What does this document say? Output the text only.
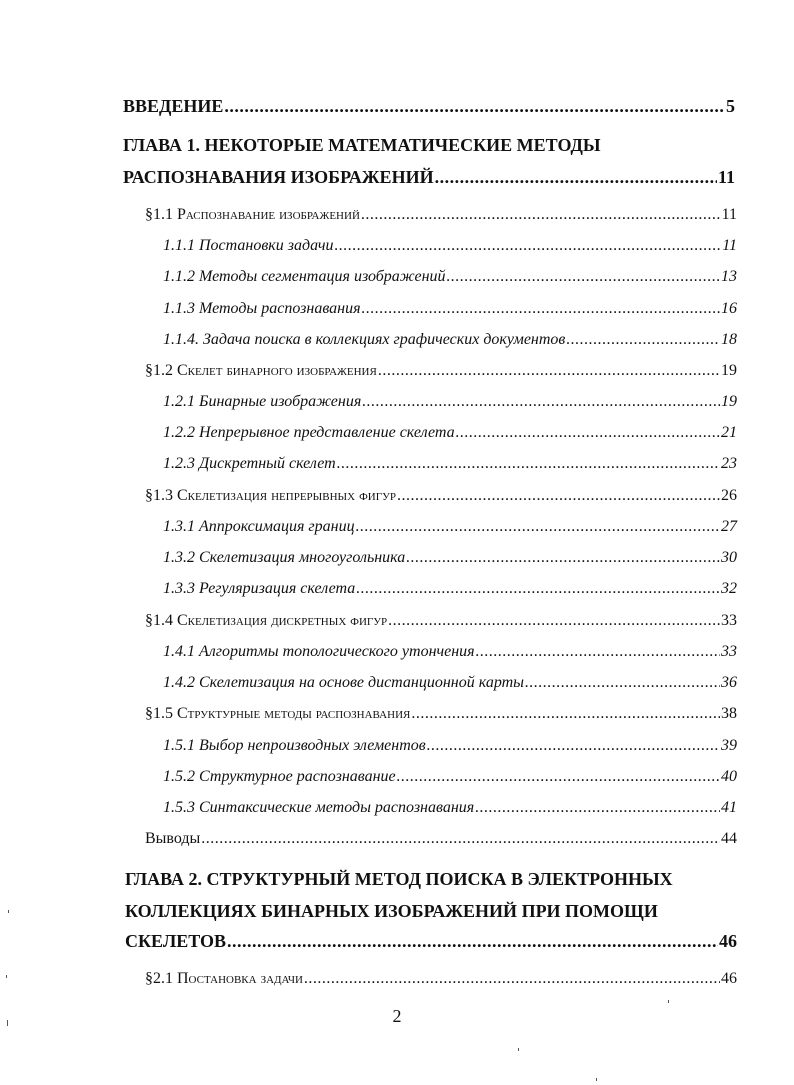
ВВЕДЕНИЕ .....	5
ГЛАВА 1. НЕКОТОРЫЕ МАТЕМАТИЧЕСКИЕ МЕТОДЫ
РАСПОЗНАВАНИЯ ИЗОБРАЖЕНИЙ .....	11
§1.1 Распознавание изображений .....	11
1.1.1 Постановки задачи .....	11
1.1.2 Методы сегментация изображений .....	13
1.1.3 Методы распознавания .....	16
1.1.4. Задача поиска в коллекциях графических документов .....	18
§1.2 Скелет бинарного изображения .....	19
1.2.1 Бинарные изображения .....	19
1.2.2 Непрерывное представление скелета .....	21
1.2.3 Дискретный скелет .....	23
§1.3 Скелетизация непрерывных фигур .....	26
1.3.1 Аппроксимация границ .....	27
1.3.2 Скелетизация многоугольника .....	30
1.3.3 Регуляризация скелета .....	32
§1.4 Скелетизация дискретных фигур .....	33
1.4.1 Алгоритмы топологического утончения .....	33
1.4.2 Скелетизация на основе дистанционной карты .....	36
§1.5 Структурные методы распознавания .....	38
1.5.1 Выбор непроизводных элементов .....	39
1.5.2 Структурное распознавание .....	40
1.5.3 Синтаксические методы распознавания .....	41
Выводы .....	44
ГЛАВА 2. СТРУКТУРНЫЙ МЕТОД ПОИСКА В ЭЛЕКТРОННЫХ
КОЛЛЕКЦИЯХ БИНАРНЫХ ИЗОБРАЖЕНИЙ ПРИ ПОМОЩИ
СКЕЛЕТОВ .....	46
§2.1 Постановка задачи .....	46
2
